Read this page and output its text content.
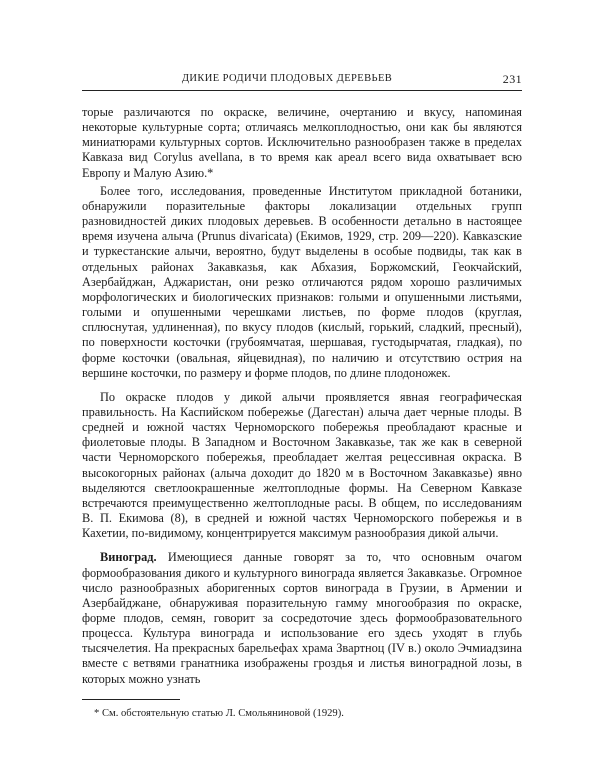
ДИКИЕ РОДИЧИ ПЛОДОВЫХ ДЕРЕВЬЕВ	231

торые различаются по окраске, величине, очертанию и вкусу, напоминая некоторые культурные сорта; отличаясь мелкоплодностью, они как бы являются миниатюрами культурных сортов. Исключительно разнообразен также в пределах Кавказа вид Corylus avellana, в то время как ареал всего вида охватывает всю Европу и Малую Азию.*

Более того, исследования, проведенные Институтом прикладной ботаники, обнаружили поразительные факторы локализации отдельных групп разновидностей диких плодовых деревьев. В особенности детально в настоящее время изучена алыча (Prunus divaricata) (Екимов, 1929, стр. 209—220). Кавказские и туркестанские алычи, вероятно, будут выделены в особые подвиды, так как в отдельных районах Закавказья, как Абхазия, Боржомский, Геокчайский, Азербайджан, Аджаристан, они резко отличаются рядом хорошо различимых морфологических и биологических признаков: голыми и опушенными листьями, голыми и опушенными черешками листьев, по форме плодов (круглая, сплюснутая, удлиненная), по вкусу плодов (кислый, горький, сладкий, пресный), по поверхности косточки (грубоямчатая, шершавая, густодырчатая, гладкая), по форме косточки (овальная, яйцевидная), по наличию и отсутствию острия на вершине косточки, по размеру и форме плодов, по длине плодоножек.

По окраске плодов у дикой алычи проявляется явная географическая правильность. На Каспийском побережье (Дагестан) алыча дает черные плоды. В средней и южной частях Черноморского побережья преобладают красные и фиолетовые плоды. В Западном и Восточном Закавказье, так же как в северной части Черноморского побережья, преобладает желтая рецессивная окраска. В высокогорных районах (алыча доходит до 1820 м в Восточном Закавказье) явно выделяются светлоокрашенные желтоплодные формы. На Северном Кавказе встречаются преимущественно желтоплодные расы. В общем, по исследованиям В. П. Екимова (8), в средней и южной частях Черноморского побережья и в Кахетии, по-видимому, концентрируется максимум разнообразия дикой алычи.

Виноград. Имеющиеся данные говорят за то, что основным очагом формообразования дикого и культурного винограда является Закавказье. Огромное число разнообразных аборигенных сортов винограда в Грузии, в Армении и Азербайджане, обнаруживая поразительную гамму многообразия по окраске, форме плодов, семян, говорит за сосредоточие здесь формообразовательного процесса. Культура винограда и использование его здесь уходят в глубь тысячелетия. На прекрасных барельефах храма Звартноц (IV в.) около Эчмиадзина вместе с ветвями гранатника изображены гроздья и листья виноградной лозы, в которых можно узнать

* См. обстоятельную статью Л. Смольяниновой (1929).
